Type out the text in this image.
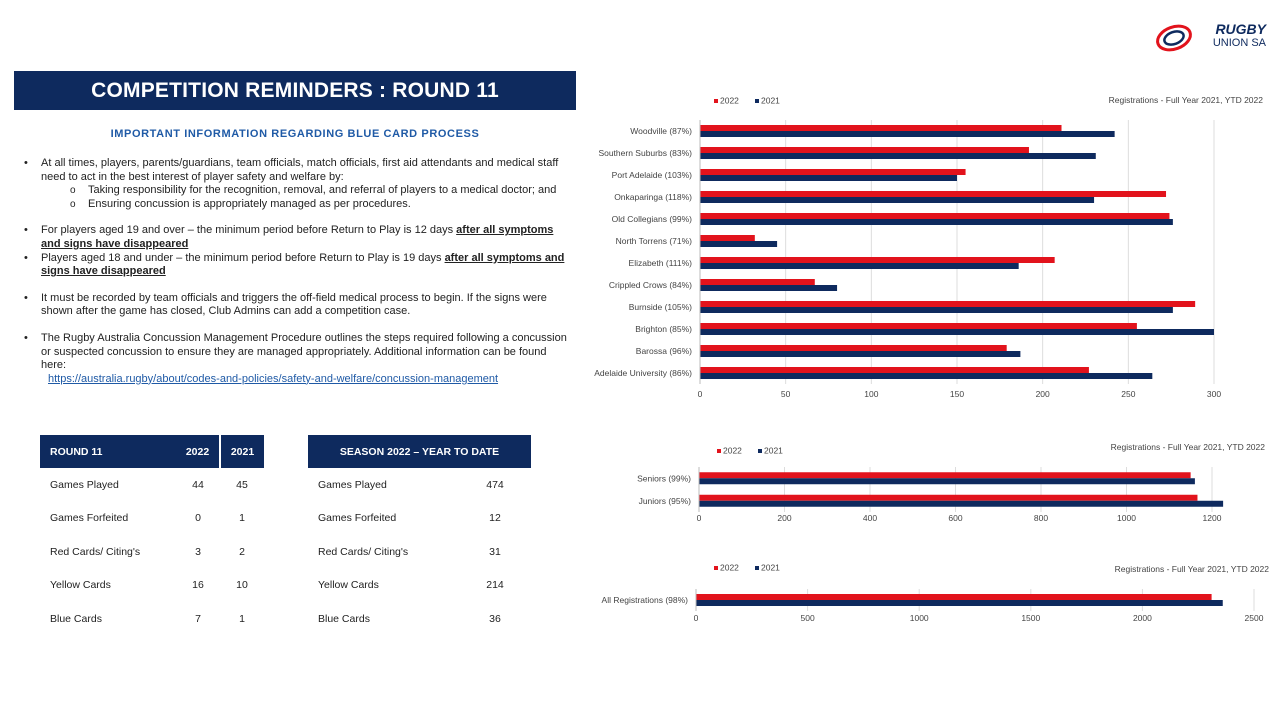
COMPETITION REMINDERS : ROUND 11
RUGBY
UNION SA
IMPORTANT INFORMATION REGARDING BLUE CARD PROCESS
• At all times, players, parents/guardians, team officials, match officials, first aid attendants and medical staff need to act in the best interest of player safety and welfare by:
o Taking responsibility for the recognition, removal, and referral of players to a medical doctor; and
o Ensuring concussion is appropriately managed as per procedures.
• For players aged 19 and over – the minimum period before Return to Play is 12 days after all symptoms and signs have disappeared
• Players aged 18 and under – the minimum period before Return to Play is 19 days after all symptoms and signs have disappeared
• It must be recorded by team officials and triggers the off-field medical process to begin. If the signs were shown after the game has closed, Club Admins can add a competition case.
• The Rugby Australia Concussion Management Procedure outlines the steps required following a concussion or suspected concussion to ensure they are managed appropriately. Additional information can be found here:
https://australia.rugby/about/codes-and-policies/safety-and-welfare/concussion-management
ROUND 11	2022	2021
Games Played	44	45
Games Forfeited	0	1
Red Cards/ Citing's	3	2
Yellow Cards	16	10
Blue Cards	7	1
SEASON 2022 – YEAR TO DATE	
Games Played	474
Games Forfeited	12
Red Cards/ Citing's	31
Yellow Cards	214
Blue Cards	36
0	50	100	150	200	250	300
Registrations - Full Year 2021, YTD 2022
2022	2021
Woodville (87%)
Southern Suburbs (83%)
Port Adelaide (103%)
Onkaparinga (118%)
Old Collegians (99%)
North Torrens (71%)
Elizabeth (111%)
Crippled Crows (84%)
Burnside (105%)
Brighton (85%)
Barossa (96%)
Adelaide University (86%)
0	200	400	600	800	1000	1200
Registrations - Full Year 2021, YTD 2022
2022	2021
Seniors (99%)
Juniors (95%)
0	500	1000	1500	2000	2500
Registrations - Full Year 2021, YTD 2022
2022	2021
All Registrations (98%)
